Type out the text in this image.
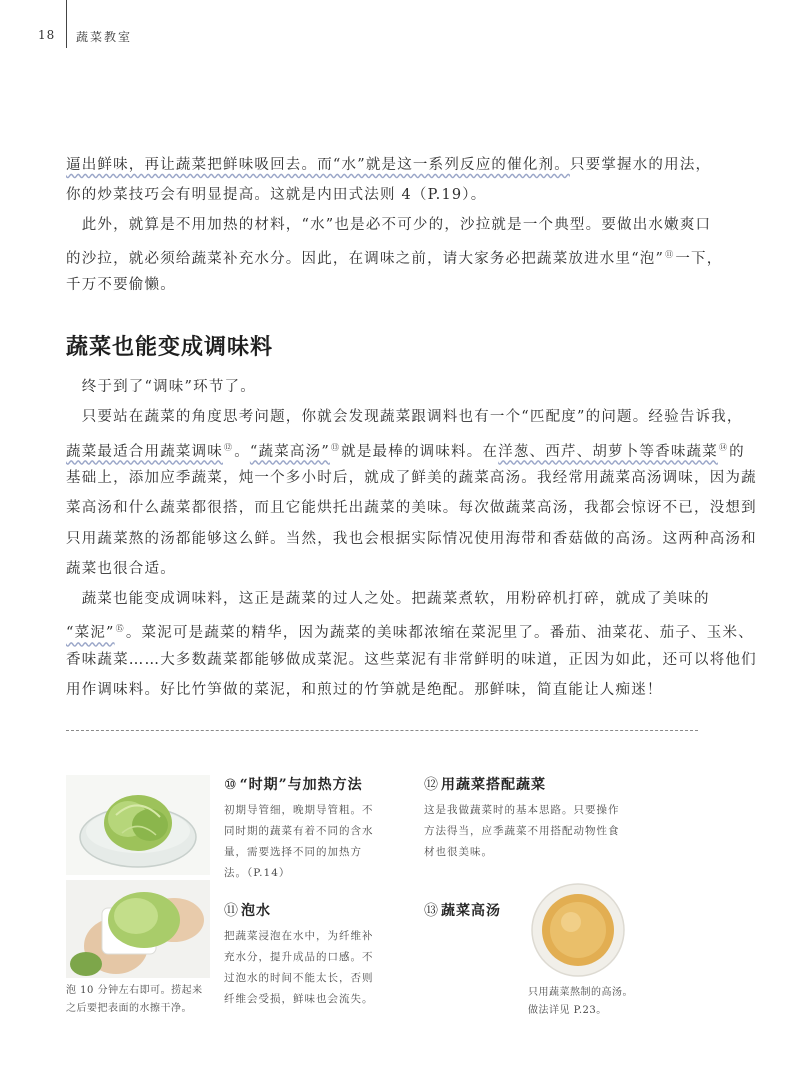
18 蔬菜教室
逼出鲜味，再让蔬菜把鲜味吸回去。而“水”就是这一系列反应的催化剂。只要掌握水的用法，
你的炒菜技巧会有明显提高。这就是内田式法则 4（P.19）。
　此外，就算是不用加热的材料，“水”也是必不可少的，沙拉就是一个典型。要做出水嫩爽口
的沙拉，就必须给蔬菜补充水分。因此，在调味之前，请大家务必把蔬菜放进水里“泡”⑪一下，
千万不要偷懒。
蔬菜也能变成调味料
　终于到了“调味”环节了。
　只要站在蔬菜的角度思考问题，你就会发现蔬菜跟调料也有一个“匹配度”的问题。经验告诉我，
蔬菜最适合用蔬菜调味⑫。“蔬菜高汤”⑬就是最棒的调味料。在洋葱、西芹、胡萝卜等香味蔬菜⑭的
基础上，添加应季蔬菜，炖一个多小时后，就成了鲜美的蔬菜高汤。我经常用蔬菜高汤调味，因为蔬
菜高汤和什么蔬菜都很搭，而且它能烘托出蔬菜的美味。每次做蔬菜高汤，我都会惊讶不已，没想到
只用蔬菜熬的汤都能够这么鲜。当然，我也会根据实际情况使用海带和香菇做的高汤。这两种高汤和
蔬菜也很合适。
　蔬菜也能变成调味料，这正是蔬菜的过人之处。把蔬菜煮软，用粉碎机打碎，就成了美味的
“菜泥”⑮。菜泥可是蔬菜的精华，因为蔬菜的美味都浓缩在菜泥里了。番茄、油菜花、茄子、玉米、
香味蔬菜……大多数蔬菜都能够做成菜泥。这些菜泥有非常鲜明的味道，正因为如此，还可以将他们
用作调味料。好比竹笋做的菜泥，和煎过的竹笋就是绝配。那鲜味，简直能让人痴迷！
泡 10 分钟左右即可。捞起来
之后要把表面的水擦干净。
⑩ “时期”与加热方法
初期导管细，晚期导管粗。不
同时期的蔬菜有着不同的含水
量，需要选择不同的加热方
法。（P.14）
⑫ 用蔬菜搭配蔬菜
这是我做蔬菜时的基本思路。只要操作
方法得当，应季蔬菜不用搭配动物性食
材也很美味。
⑪ 泡水
把蔬菜浸泡在水中，为纤维补
充水分，提升成品的口感。不
过泡水的时间不能太长，否则
纤维会受损，鲜味也会流失。
⑬ 蔬菜高汤
只用蔬菜熬制的高汤。
做法详见 P.23。
